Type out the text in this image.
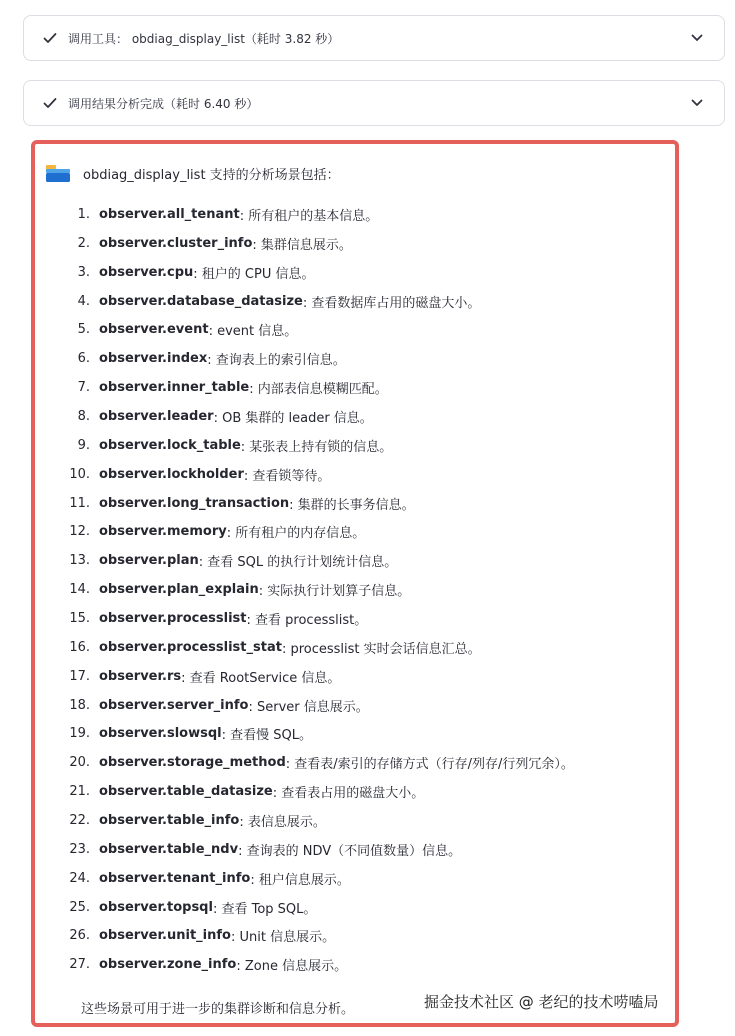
调用工具： obdiag_display_list（耗时 3.82 秒）
调用结果分析完成（耗时 6.40 秒）
obdiag_display_list 支持的分析场景包括：
1. observer.all_tenant : 所有租户的基本信息。
2. observer.cluster_info : 集群信息展示。
3. observer.cpu : 租户的 CPU 信息。
4. observer.database_datasize : 查看数据库占用的磁盘大小。
5. observer.event : event 信息。
6. observer.index : 查询表上的索引信息。
7. observer.inner_table : 内部表信息模糊匹配。
8. observer.leader : OB 集群的 leader 信息。
9. observer.lock_table : 某张表上持有锁的信息。
10. observer.lockholder : 查看锁等待。
11. observer.long_transaction : 集群的长事务信息。
12. observer.memory : 所有租户的内存信息。
13. observer.plan : 查看 SQL 的执行计划统计信息。
14. observer.plan_explain : 实际执行计划算子信息。
15. observer.processlist : 查看 processlist。
16. observer.processlist_stat : processlist 实时会话信息汇总。
17. observer.rs : 查看 RootService 信息。
18. observer.server_info : Server 信息展示。
19. observer.slowsql : 查看慢 SQL。
20. observer.storage_method : 查看表/索引的存储方式（行存/列存/行列冗余）。
21. observer.table_datasize : 查看表占用的磁盘大小。
22. observer.table_info : 表信息展示。
23. observer.table_ndv : 查询表的 NDV（不同值数量）信息。
24. observer.tenant_info : 租户信息展示。
25. observer.topsql : 查看 Top SQL。
26. observer.unit_info : Unit 信息展示。
27. observer.zone_info : Zone 信息展示。
这些场景可用于进一步的集群诊断和信息分析。	掘金技术社区 @ 老纪的技术唠嗑局
